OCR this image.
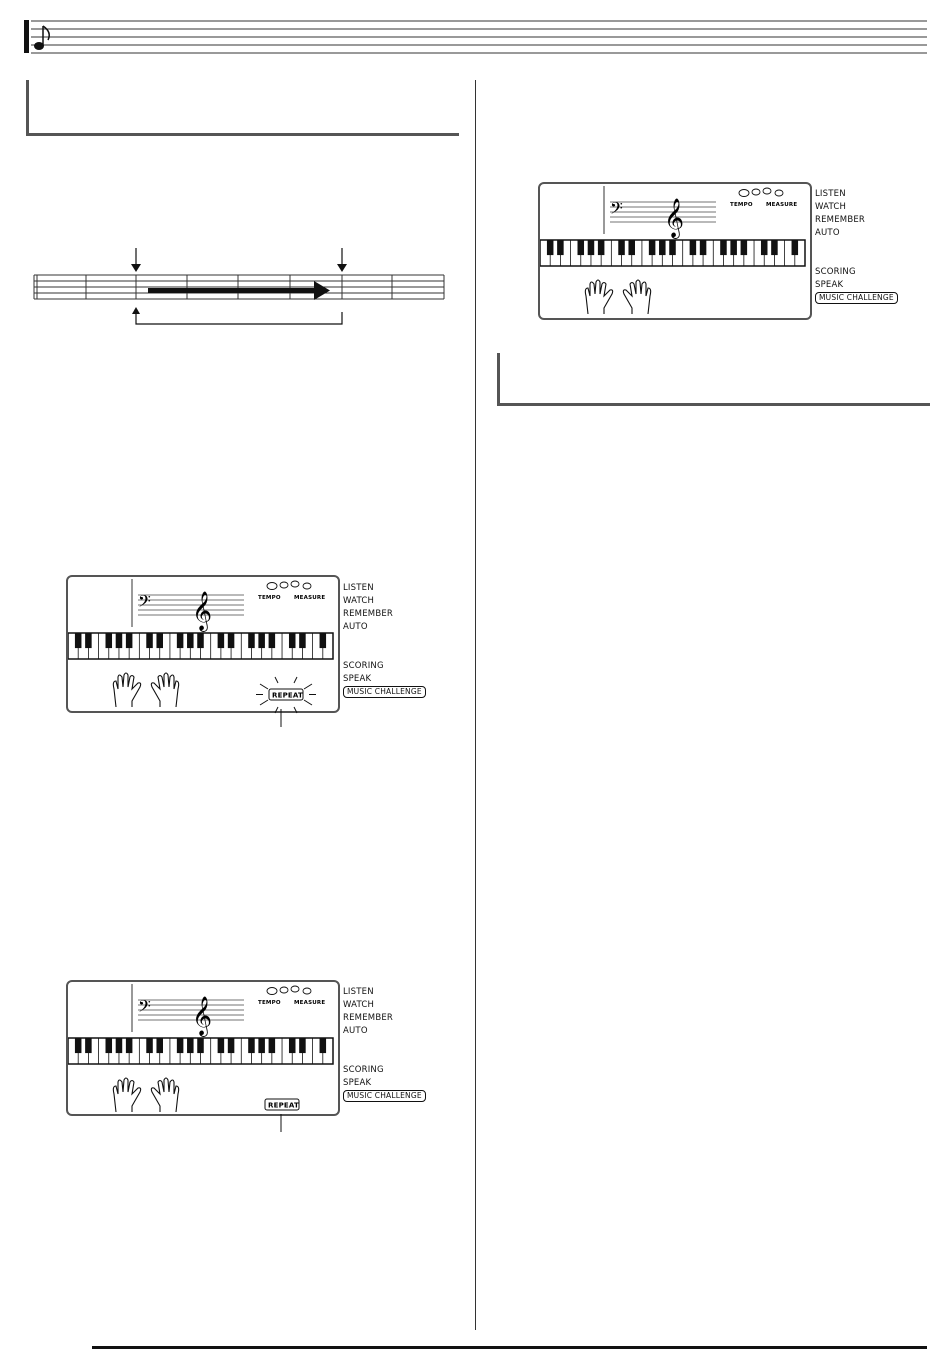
𝄢 𝄞	TEMPO MEASURE
LISTEN
WATCH
REMEMBER
AUTO
SCORING
SPEAK
MUSIC CHALLENGE
𝄢 𝄞	TEMPO MEASURE
REPEAT
LISTEN
WATCH
REMEMBER
AUTO
SCORING
SPEAK
MUSIC CHALLENGE
𝄢 𝄞	TEMPO MEASURE
REPEAT
LISTEN
WATCH
REMEMBER
AUTO
SCORING
SPEAK
MUSIC CHALLENGE
